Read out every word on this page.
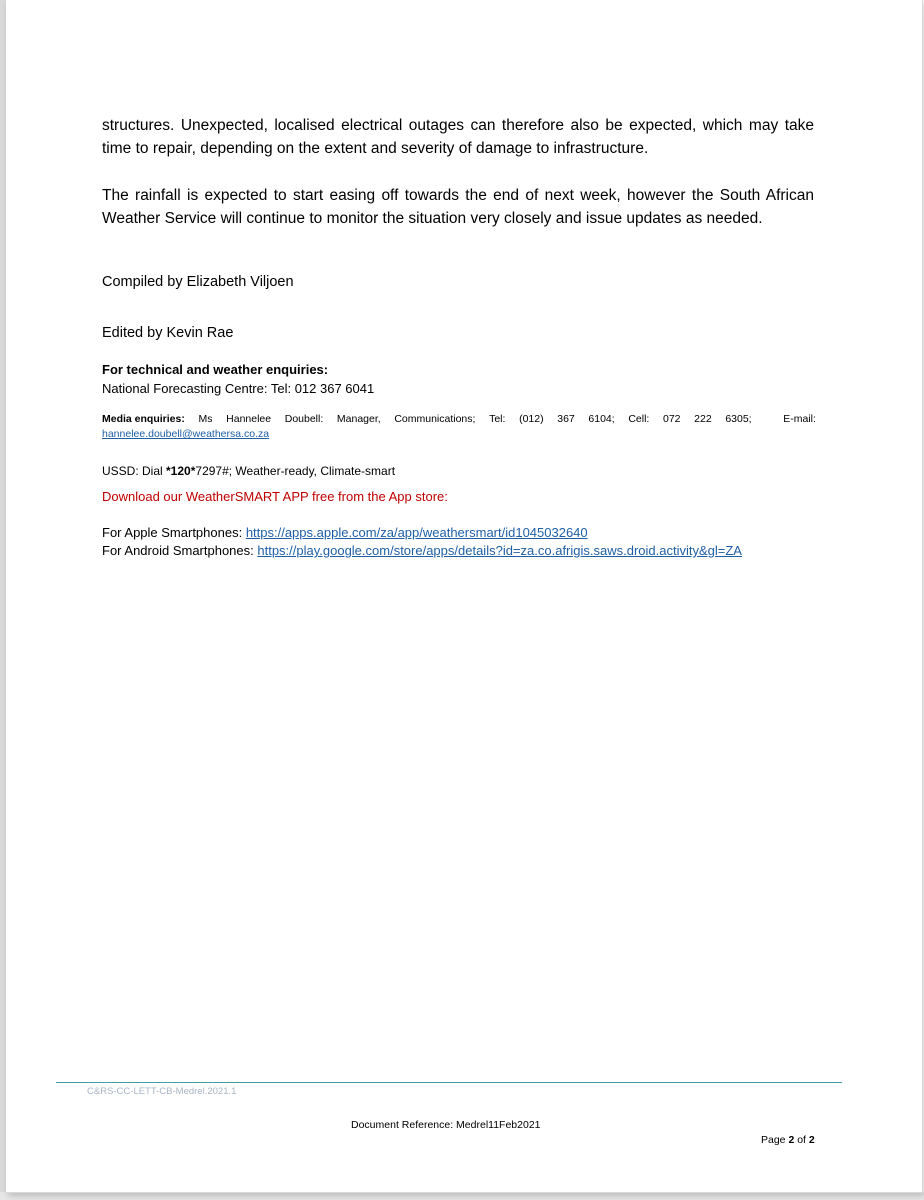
structures. Unexpected, localised electrical outages can therefore also be expected, which may take time to repair, depending on the extent and severity of damage to infrastructure.
The rainfall is expected to start easing off towards the end of next week, however the South African Weather Service will continue to monitor the situation very closely and issue updates as needed.
Compiled by Elizabeth Viljoen
Edited by Kevin Rae
For technical and weather enquiries:
National Forecasting Centre: Tel: 012 367 6041
Media enquiries: Ms Hannelee Doubell: Manager, Communications; Tel: (012) 367 6104; Cell: 072 222 6305;	E-mail:
hannelee.doubell@weathersa.co.za
USSD: Dial *120*7297#; Weather-ready, Climate-smart
Download our WeatherSMART APP free from the App store:
For Apple Smartphones: https://apps.apple.com/za/app/weathersmart/id1045032640
For Android Smartphones: https://play.google.com/store/apps/details?id=za.co.afrigis.saws.droid.activity&gl=ZA
C&RS-CC-LETT-CB-Medrel.2021.1
Document Reference: Medrel11Feb2021
Page 2 of 2
